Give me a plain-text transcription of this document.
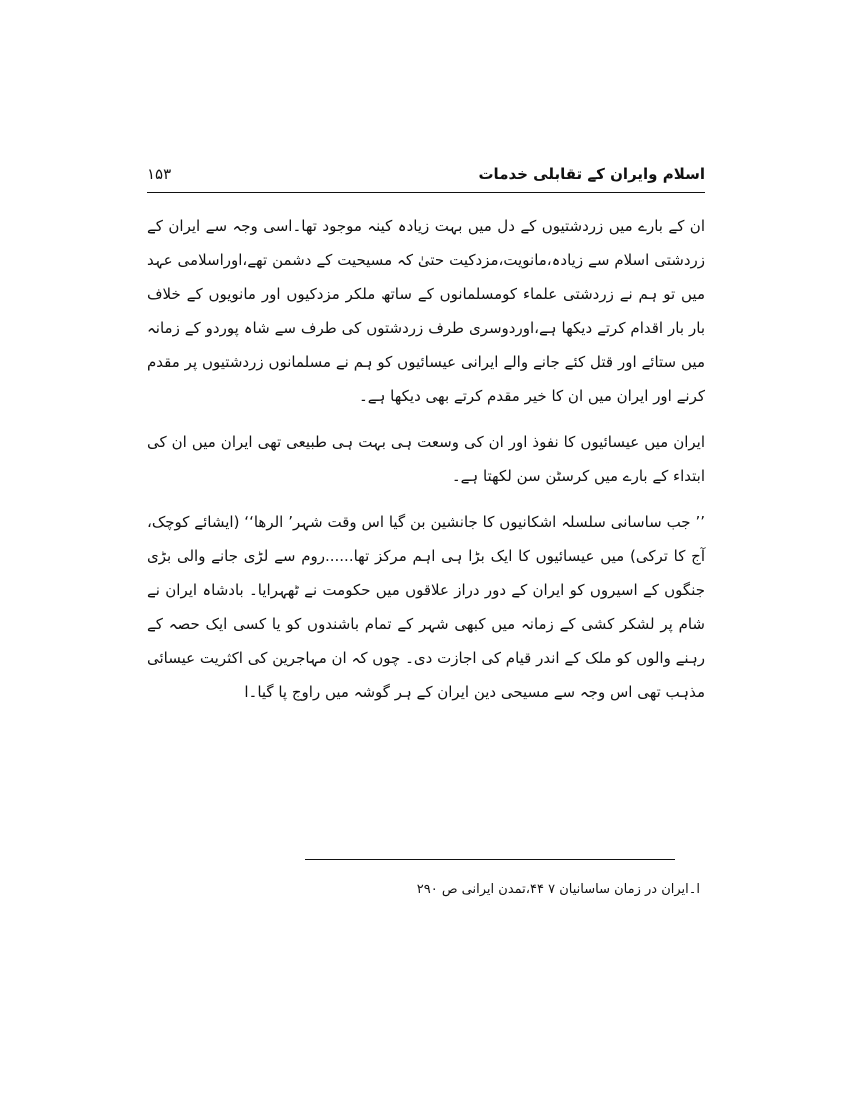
اسلام وایران کے تقابلی خدمات
۱۵۳

ان کے بارے میں زردشتیوں کے دل میں بہت زیادہ کینہ موجود تھا۔اسی وجہ سے ایران کے زردشتی اسلام سے زیادہ،مانویت،مزدکیت حتیٰ کہ مسیحیت کے دشمن تھے،اوراسلامی عہد میں تو ہم نے زردشتی علماء کومسلمانوں کے ساتھ ملکر مزدکیوں اور مانویوں کے خلاف بار بار اقدام کرتے دیکھا ہے،اوردوسری طرف زردشتوں کی طرف سے شاہ پوردو کے زمانہ میں ستائے اور قتل کئے جانے والے ایرانی عیسائیوں کو ہم نے مسلمانوں زردشتیوں پر مقدم کرنے اور ایران میں ان کا خیر مقدم کرتے بھی دیکھا ہے۔

ایران میں عیسائیوں کا نفوذ اور ان کی وسعت ہی بہت ہی طبیعی تھی ایران میں ان کی ابتداء کے بارے میں کرسٹن سن لکھتا ہے۔

’’ جب ساسانی سلسلہ اشکانیوں کا جانشین بن گیا اس وقت شہر’ الرھا‘‘ (ایشائے کوچک، آج کا ترکی) میں عیسائیوں کا ایک بڑا ہی اہم مرکز تھا......روم سے لڑی جانے والی بڑی جنگوں کے اسیروں کو ایران کے دور دراز علاقوں میں حکومت نے ٹھہرایا۔ بادشاہ ایران نے شام پر لشکر کشی کے زمانہ میں کبھی شہر کے تمام باشندوں کو یا کسی ایک حصہ کے رہنے والوں کو ملک کے اندر قیام کی اجازت دی۔ چوں کہ ان مہاجرین کی اکثریت عیسائی مذہب تھی اس وجہ سے مسیحی دین ایران کے ہر گوشہ میں راوج پا گیا۔ا

ا۔ایران در زمان ساسانیان ۷ ۴۴،تمدن ایرانی ص ۲۹۰
